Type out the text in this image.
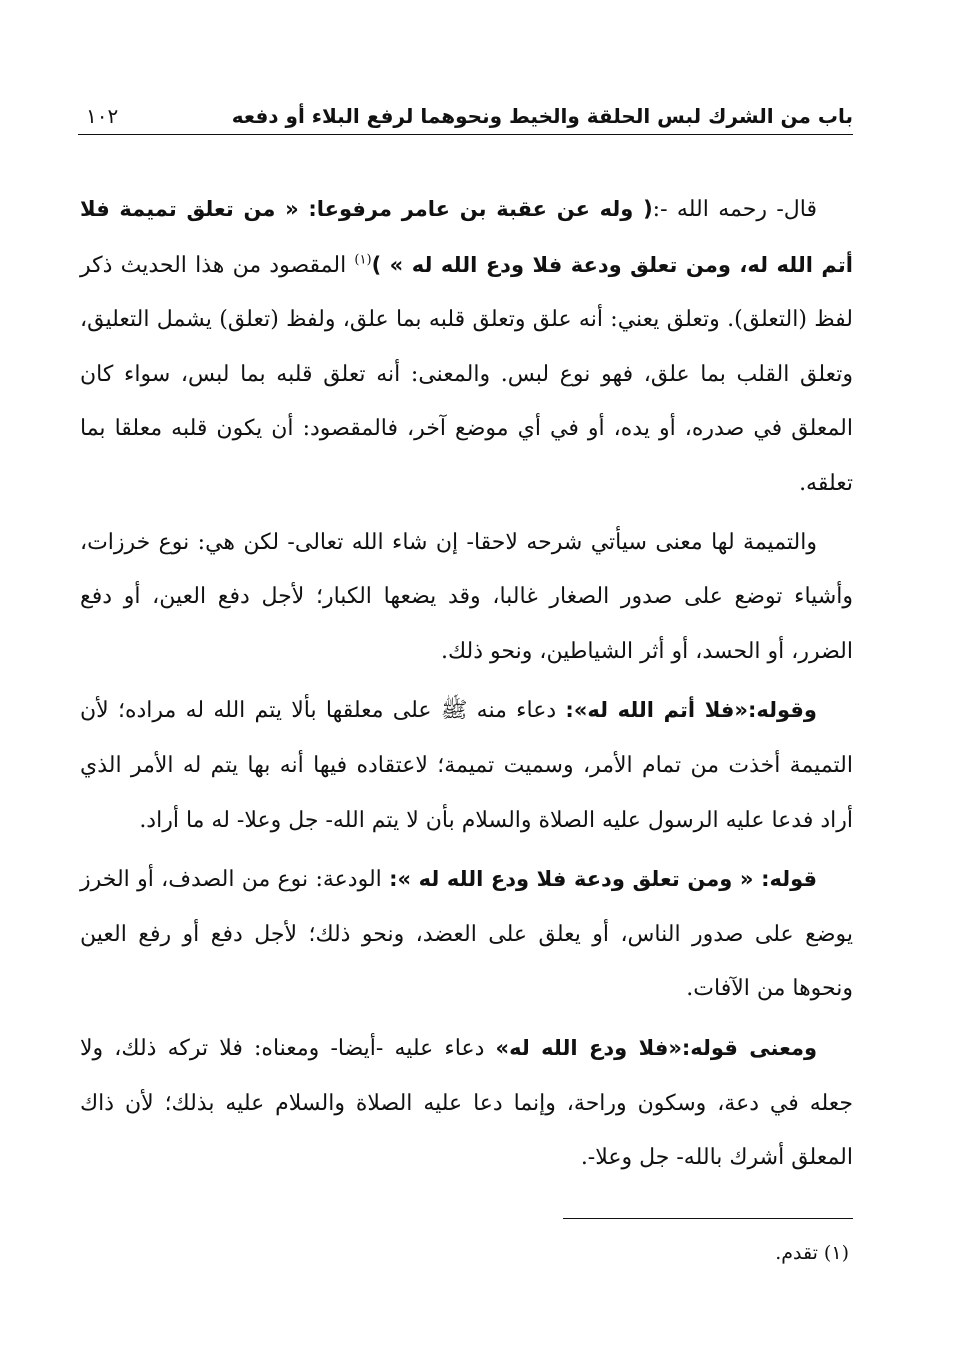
باب من الشرك لبس الحلقة والخيط ونحوهما لرفع البلاء أو دفعه
١٠٢

قال- رحمه الله -:( وله عن عقبة بن عامر مرفوعا: « من تعلق تميمة فلا أتم الله له، ومن تعلق ودعة فلا ودع الله له » )$^{(١)}$ المقصود من هذا الحديث ذكر لفظ (التعلق). وتعلق يعني: أنه علق وتعلق قلبه بما علق، ولفظ (تعلق) يشمل التعليق، وتعلق القلب بما علق، فهو نوع لبس. والمعنى: أنه تعلق قلبه بما لبس، سواء كان المعلق في صدره، أو يده، أو في أي موضع آخر، فالمقصود: أن يكون قلبه معلقا بما تعلقه.

والتميمة لها معنى سيأتي شرحه لاحقا- إن شاء الله تعالى- لكن هي: نوع خرزات، وأشياء توضع على صدور الصغار غالبا، وقد يضعها الكبار؛ لأجل دفع العين، أو دفع الضرر، أو الحسد، أو أثر الشياطين، ونحو ذلك.

وقوله:«فلا أتم الله له»: دعاء منه ﷺ على معلقها بألا يتم الله له مراده؛ لأن التميمة أخذت من تمام الأمر، وسميت تميمة؛ لاعتقاده فيها أنه بها يتم له الأمر الذي أراد فدعا عليه الرسول عليه الصلاة والسلام بأن لا يتم الله- جل وعلا- له ما أراد.

قوله: « ومن تعلق ودعة فلا ودع الله له »: الودعة: نوع من الصدف، أو الخرز يوضع على صدور الناس، أو يعلق على العضد، ونحو ذلك؛ لأجل دفع أو رفع العين ونحوها من الآفات.

ومعنى قوله:«فلا ودع الله له» دعاء عليه -أيضا- ومعناه: فلا تركه ذلك، ولا جعله في دعة، وسكون وراحة، وإنما دعا عليه الصلاة والسلام عليه بذلك؛ لأن ذاك المعلق أشرك بالله- جل وعلا-.

(١) تقدم.
